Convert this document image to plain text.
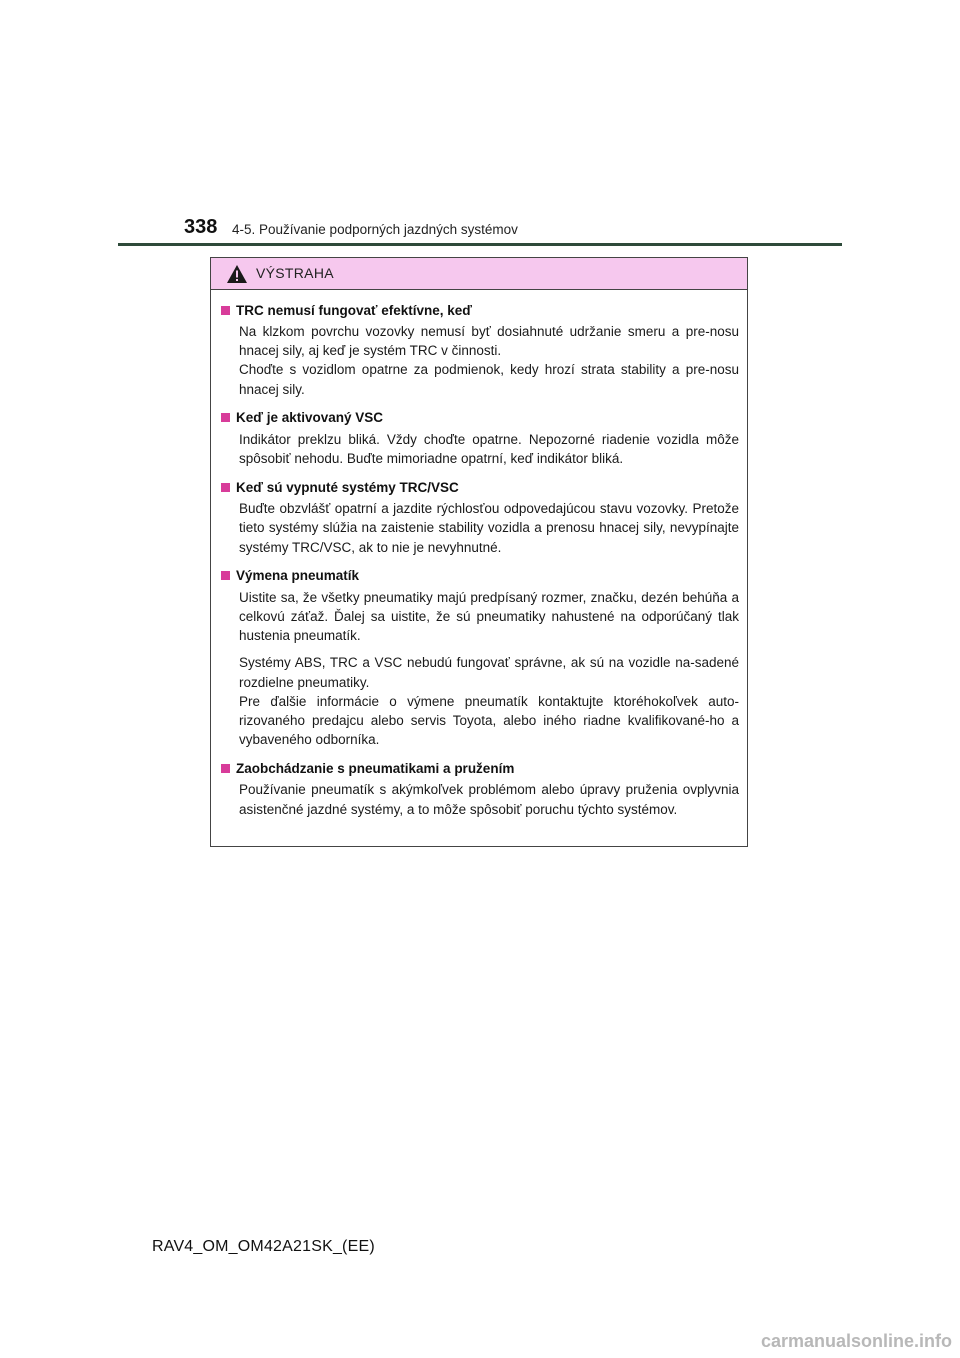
338 4-5. Používanie podporných jazdných systémov
VÝSTRAHA
TRC nemusí fungovať efektívne, keď

Na klzkom povrchu vozovky nemusí byť dosiahnuté udržanie smeru a pre-nosu hnacej sily, aj keď je systém TRC v činnosti.
Choďte s vozidlom opatrne za podmienok, kedy hrozí strata stability a pre-nosu hnacej sily.

Keď je aktivovaný VSC

Indikátor preklzu bliká. Vždy choďte opatrne. Nepozorné riadenie vozidla môže spôsobiť nehodu. Buďte mimoriadne opatrní, keď indikátor bliká.

Keď sú vypnuté systémy TRC/VSC

Buďte obzvlášť opatrní a jazdite rýchlosťou odpovedajúcou stavu vozovky. Pretože tieto systémy slúžia na zaistenie stability vozidla a prenosu hnacej sily, nevypínajte systémy TRC/VSC, ak to nie je nevyhnutné.

Výmena pneumatík

Uistite sa, že všetky pneumatiky majú predpísaný rozmer, značku, dezén behúňa a celkovú záťaž. Ďalej sa uistite, že sú pneumatiky nahustené na odporúčaný tlak hustenia pneumatík.

Systémy ABS, TRC a VSC nebudú fungovať správne, ak sú na vozidle na-sadené rozdielne pneumatiky.
Pre ďalšie informácie o výmene pneumatík kontaktujte ktoréhokoľvek auto-rizovaného predajcu alebo servis Toyota, alebo iného riadne kvalifikované-ho a vybaveného odborníka.

Zaobchádzanie s pneumatikami a pružením

Používanie pneumatík s akýmkoľvek problémom alebo úpravy pruženia ovplyvnia asistenčné jazdné systémy, a to môže spôsobiť poruchu týchto systémov.

RAV4_OM_OM42A21SK_(EE)
carmanualsonline.info
